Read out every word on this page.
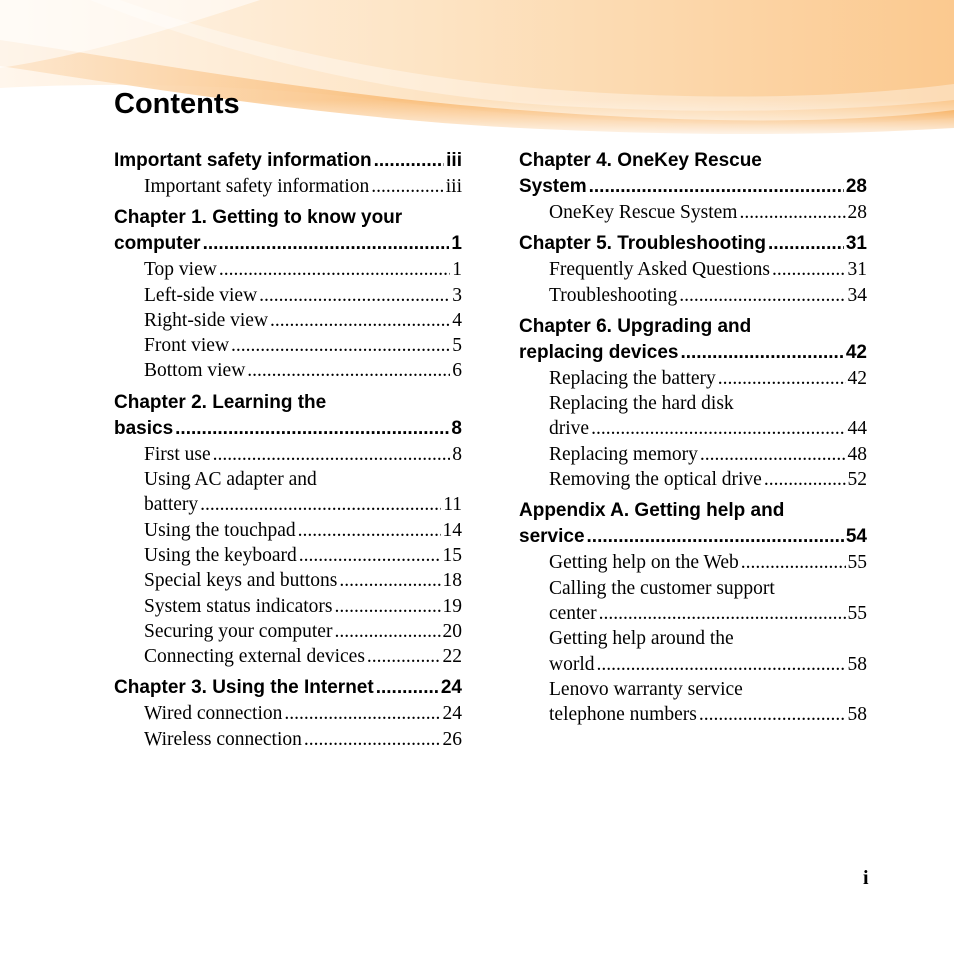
Contents
Important safety information .....	iii
Important safety information .....	iii
Chapter 1. Getting to know your
computer .....	1
Top view .....	1
Left-side view .....	3
Right-side view .....	4
Front view .....	5
Bottom view .....	6
Chapter 2. Learning the
basics .....	8
First use .....	8
Using AC adapter and
battery .....	11
Using the touchpad .....	14
Using the keyboard .....	15
Special keys and buttons .....	18
System status indicators .....	19
Securing your computer .....	20
Connecting external devices .....	22
Chapter 3. Using the Internet .....	24
Wired connection .....	24
Wireless connection .....	26
Chapter 4. OneKey Rescue
System .....	28
OneKey Rescue System .....	28
Chapter 5. Troubleshooting .....	31
Frequently Asked Questions .....	31
Troubleshooting .....	34
Chapter 6. Upgrading and
replacing devices .....	42
Replacing the battery .....	42
Replacing the hard disk
drive .....	44
Replacing memory .....	48
Removing the optical drive .....	52
Appendix A. Getting help and
service .....	54
Getting help on the Web .....	55
Calling the customer support
center .....	55
Getting help around the
world .....	58
Lenovo warranty service
telephone numbers .....	58
i
